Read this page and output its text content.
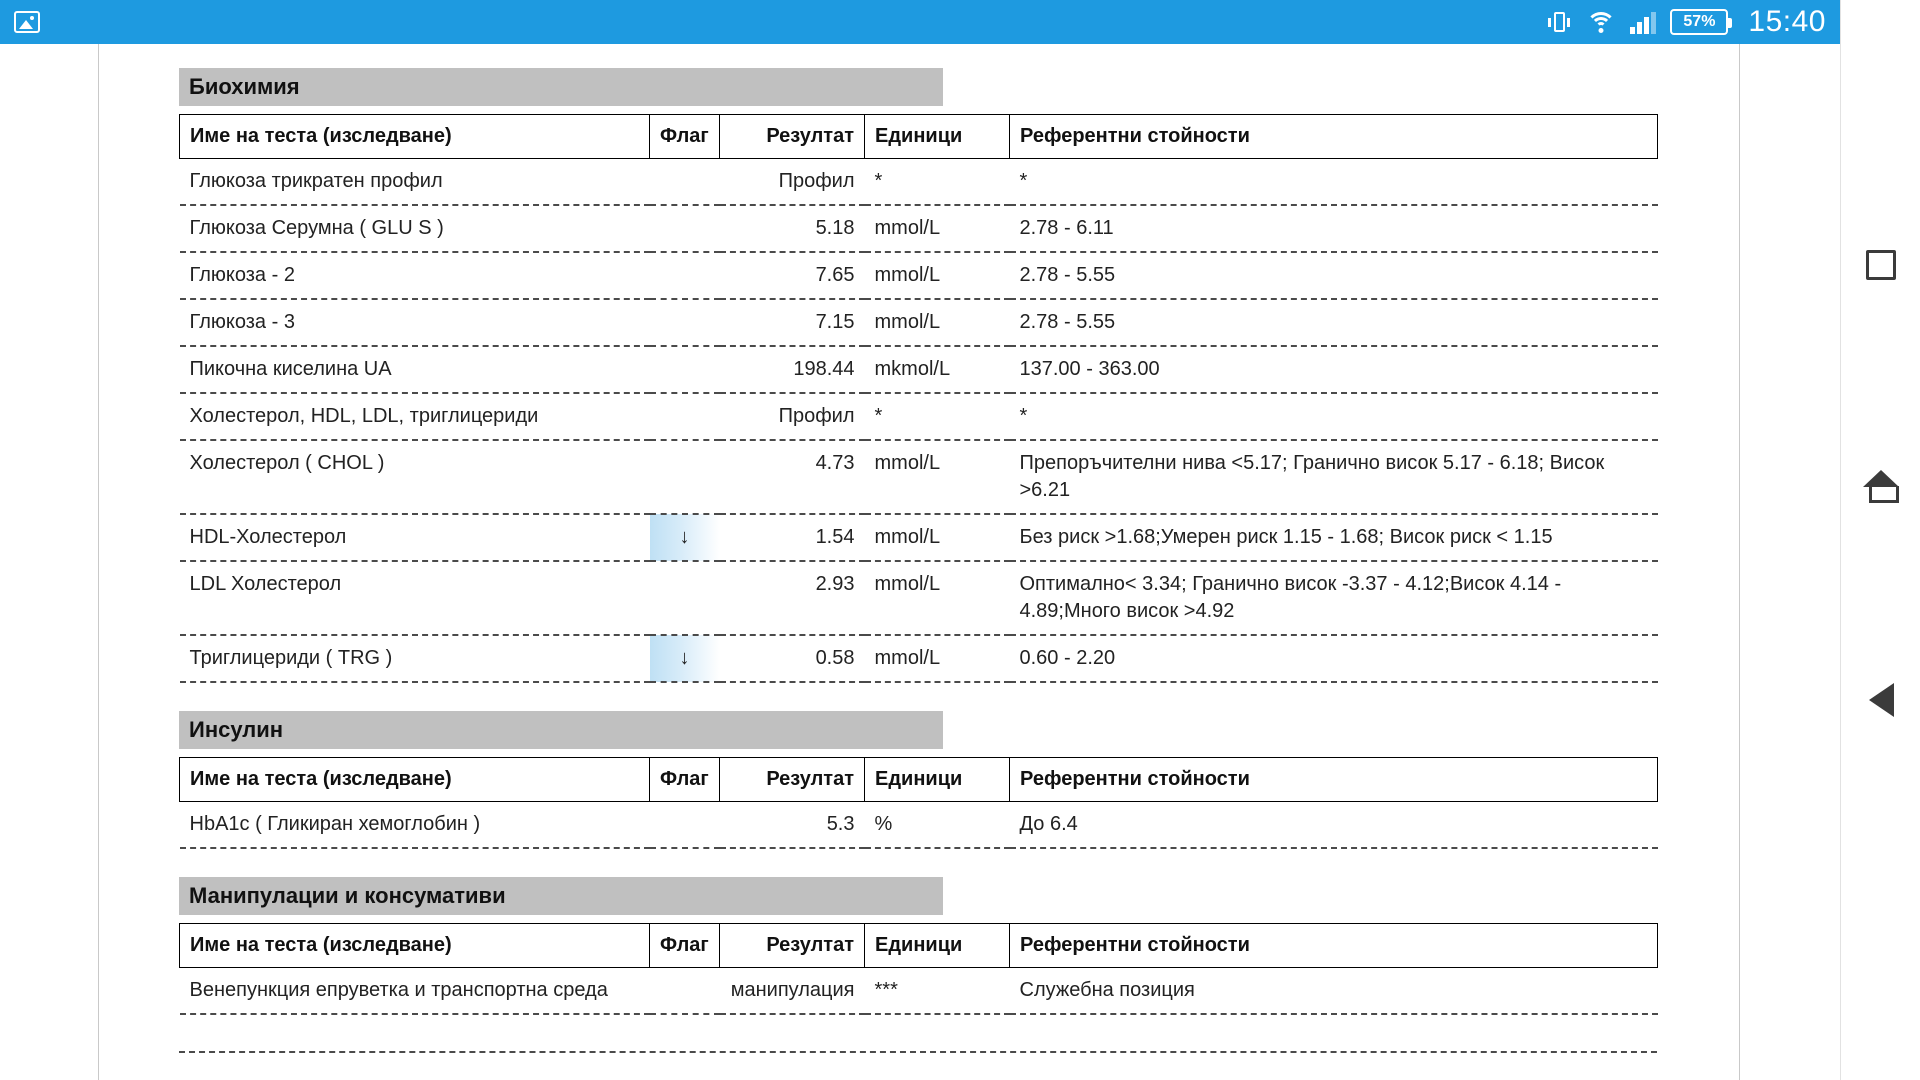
57% 15:40
Биохимия
Име на теста (изследване)	Флаг	Резултат	Единици	Референтни стойности
Глюкоза трикратен профил		Профил	*	*
Глюкоза Серумна ( GLU S )		5.18	mmol/L	2.78 - 6.11
Глюкоза - 2		7.65	mmol/L	2.78 - 5.55
Глюкоза - 3		7.15	mmol/L	2.78 - 5.55
Пикочна киселина UA		198.44	mkmol/L	137.00 - 363.00
Холестерол, HDL, LDL, триглицериди		Профил	*	*
Холестерол ( CHOL )		4.73	mmol/L	Препоръчителни нива <5.17; Гранично висок 5.17 - 6.18; Висок >6.21
HDL-Холестерол	↓	1.54	mmol/L	Без риск >1.68;Умерен риск 1.15 - 1.68; Висок риск < 1.15
LDL Холестерол		2.93	mmol/L	Оптимално< 3.34; Гранично висок -3.37 - 4.12;Висок 4.14 - 4.89;Много висок >4.92
Триглицериди ( TRG )	↓	0.58	mmol/L	0.60 - 2.20
Инсулин
Име на теста (изследване)	Флаг	Резултат	Единици	Референтни стойности
HbA1c ( Гликиран хемоглобин )		5.3	%	До 6.4
Манипулации и консумативи
Име на теста (изследване)	Флаг	Резултат	Единици	Референтни стойности
Венепункция епруветка и транспортна среда		манипулация	***	Служебна позиция
